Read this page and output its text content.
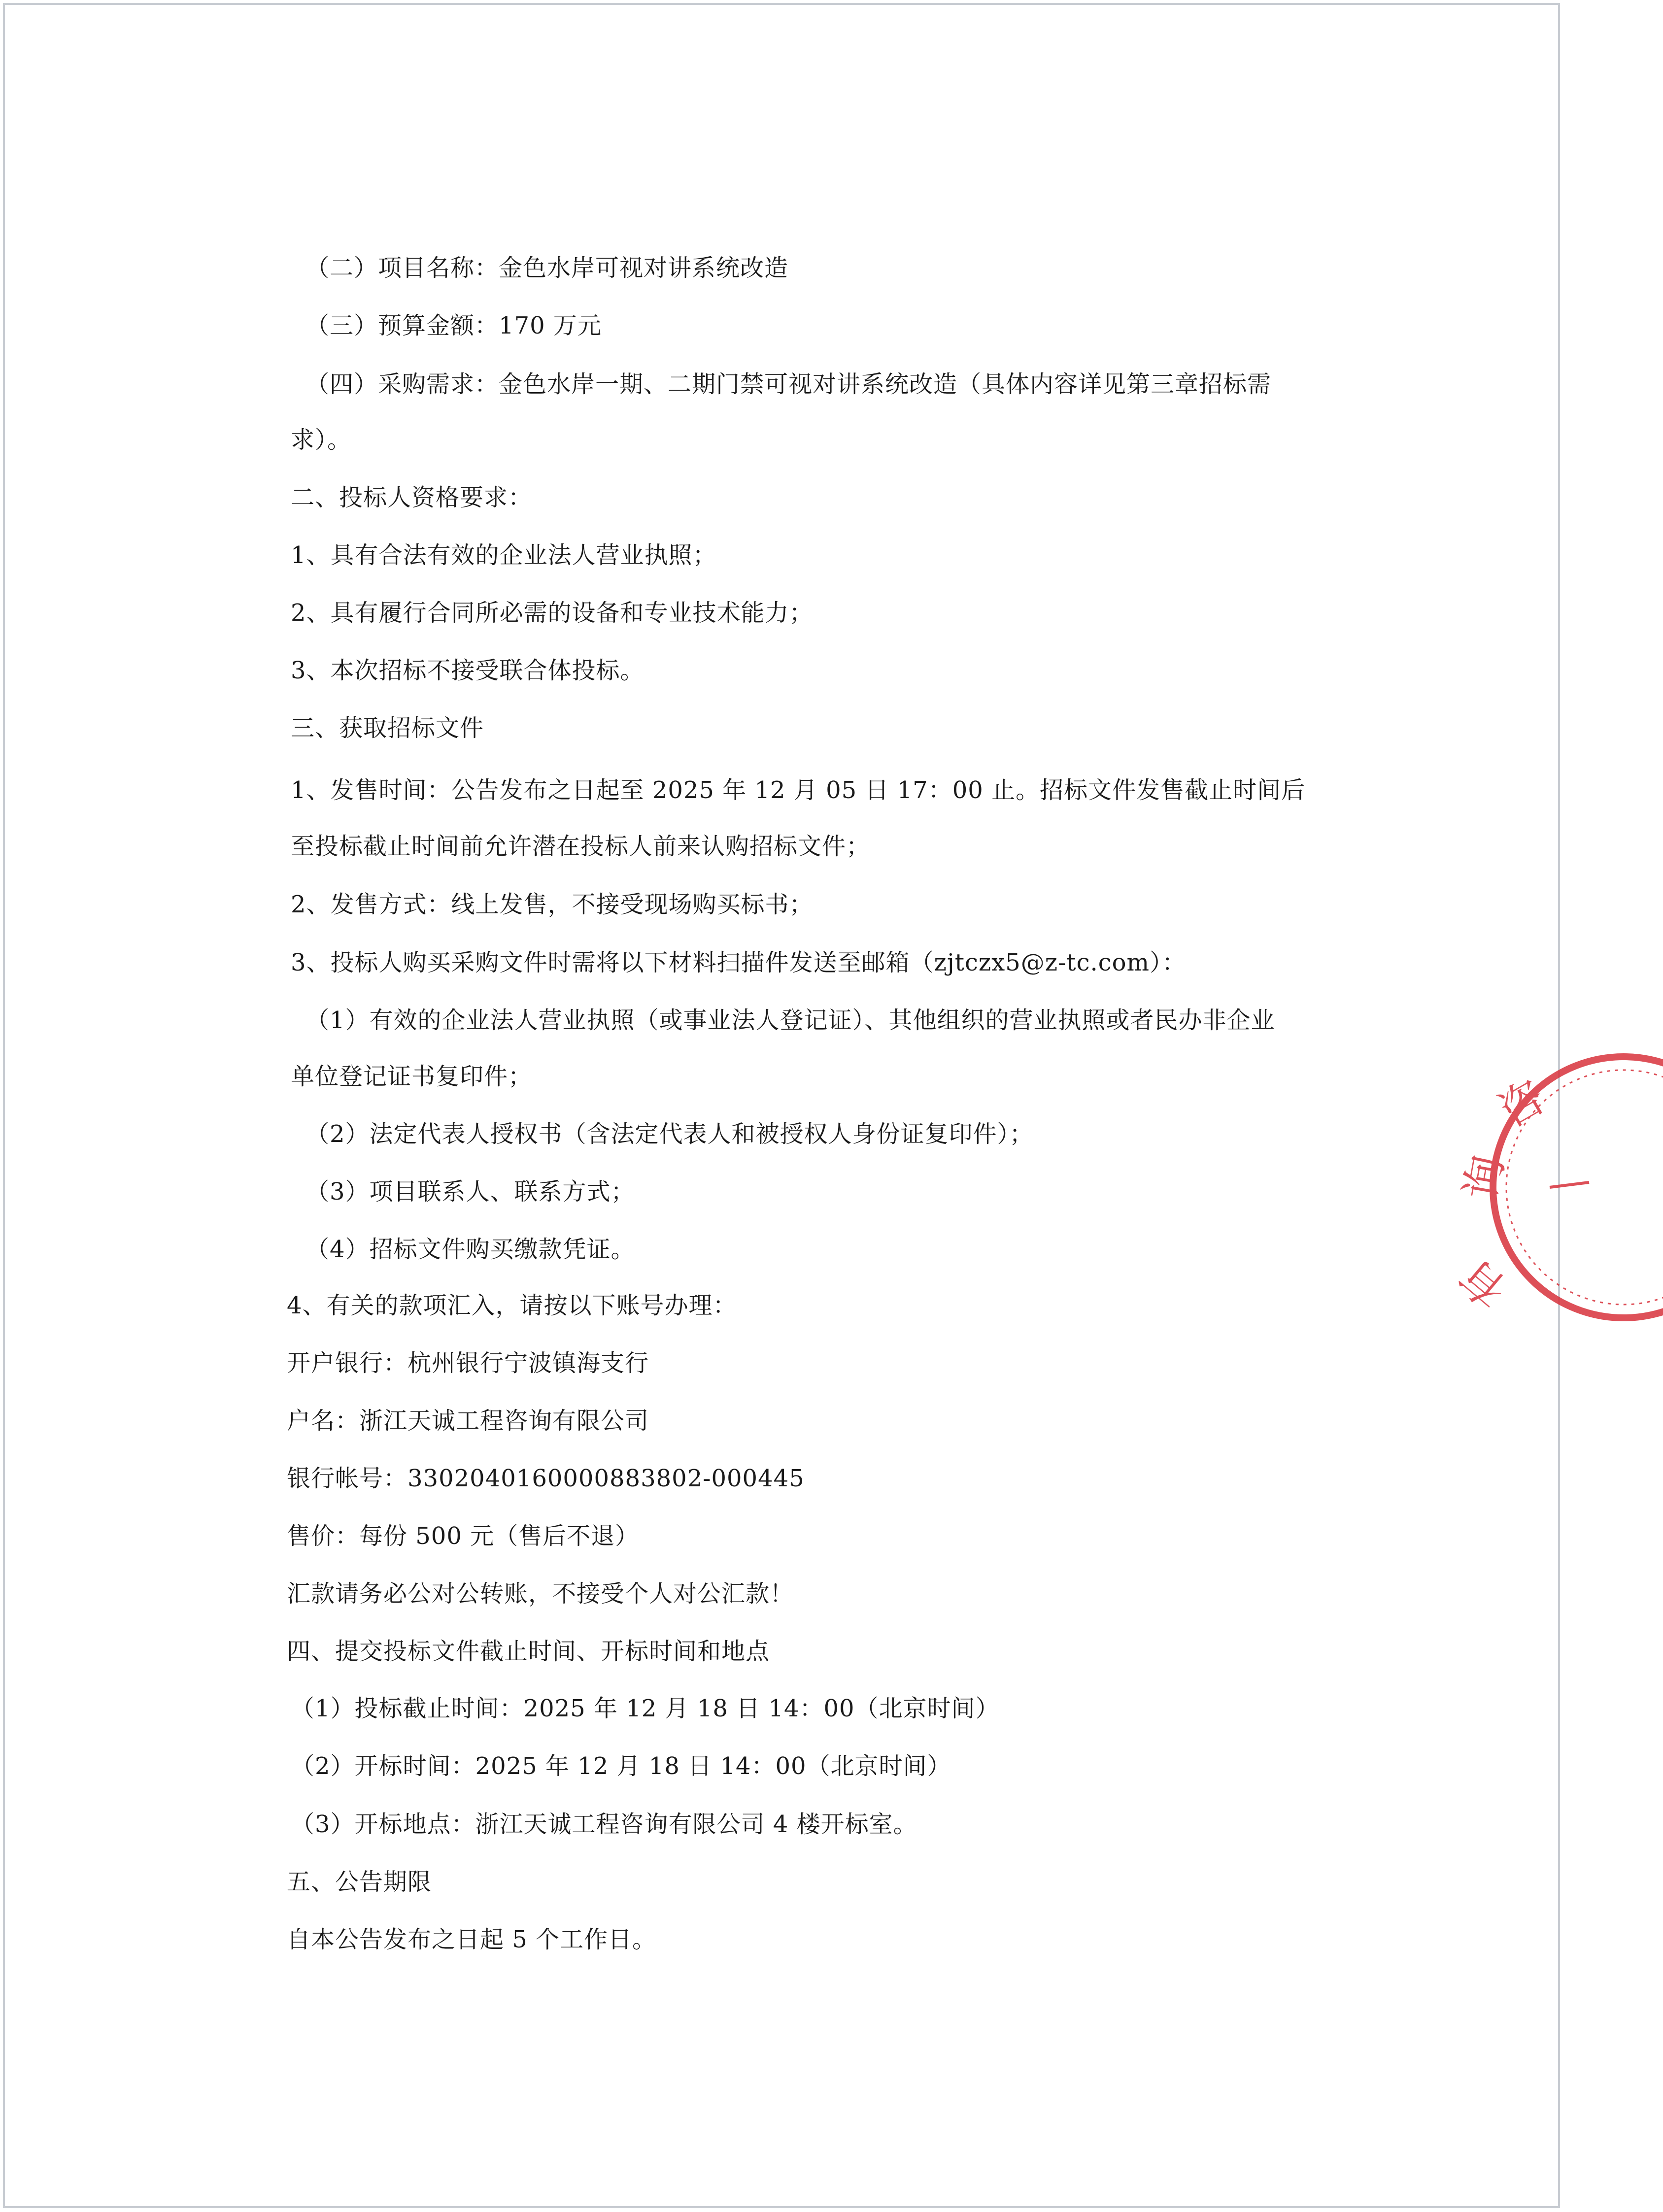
（二）项目名称：金色水岸可视对讲系统改造
（三）预算金额：170 万元
（四）采购需求：金色水岸一期、二期门禁可视对讲系统改造（具体内容详见第三章招标需
求）。
二、投标人资格要求：
1、具有合法有效的企业法人营业执照；
2、具有履行合同所必需的设备和专业技术能力；
3、本次招标不接受联合体投标。
三、获取招标文件
1、发售时间：公告发布之日起至 2025 年 12 月 05 日 17：00 止。招标文件发售截止时间后
至投标截止时间前允许潜在投标人前来认购招标文件；
2、发售方式：线上发售，不接受现场购买标书；
3、投标人购买采购文件时需将以下材料扫描件发送至邮箱（zjtczx5@z-tc.com）：
（1）有效的企业法人营业执照（或事业法人登记证）、其他组织的营业执照或者民办非企业
单位登记证书复印件；
（2）法定代表人授权书（含法定代表人和被授权人身份证复印件）；
（3）项目联系人、联系方式；
（4）招标文件购买缴款凭证。
4、有关的款项汇入，请按以下账号办理：
开户银行：杭州银行宁波镇海支行
户名：浙江天诚工程咨询有限公司
银行帐号：3302040160000883802-000445
售价：每份 500 元（售后不退）
汇款请务必公对公转账，不接受个人对公汇款！
四、提交投标文件截止时间、开标时间和地点
（1）投标截止时间：2025 年 12 月 18 日 14：00（北京时间）
（2）开标时间：2025 年 12 月 18 日 14：00（北京时间）
（3）开标地点：浙江天诚工程咨询有限公司 4 楼开标室。
五、公告期限
自本公告发布之日起 5 个工作日。
咨
询
有
